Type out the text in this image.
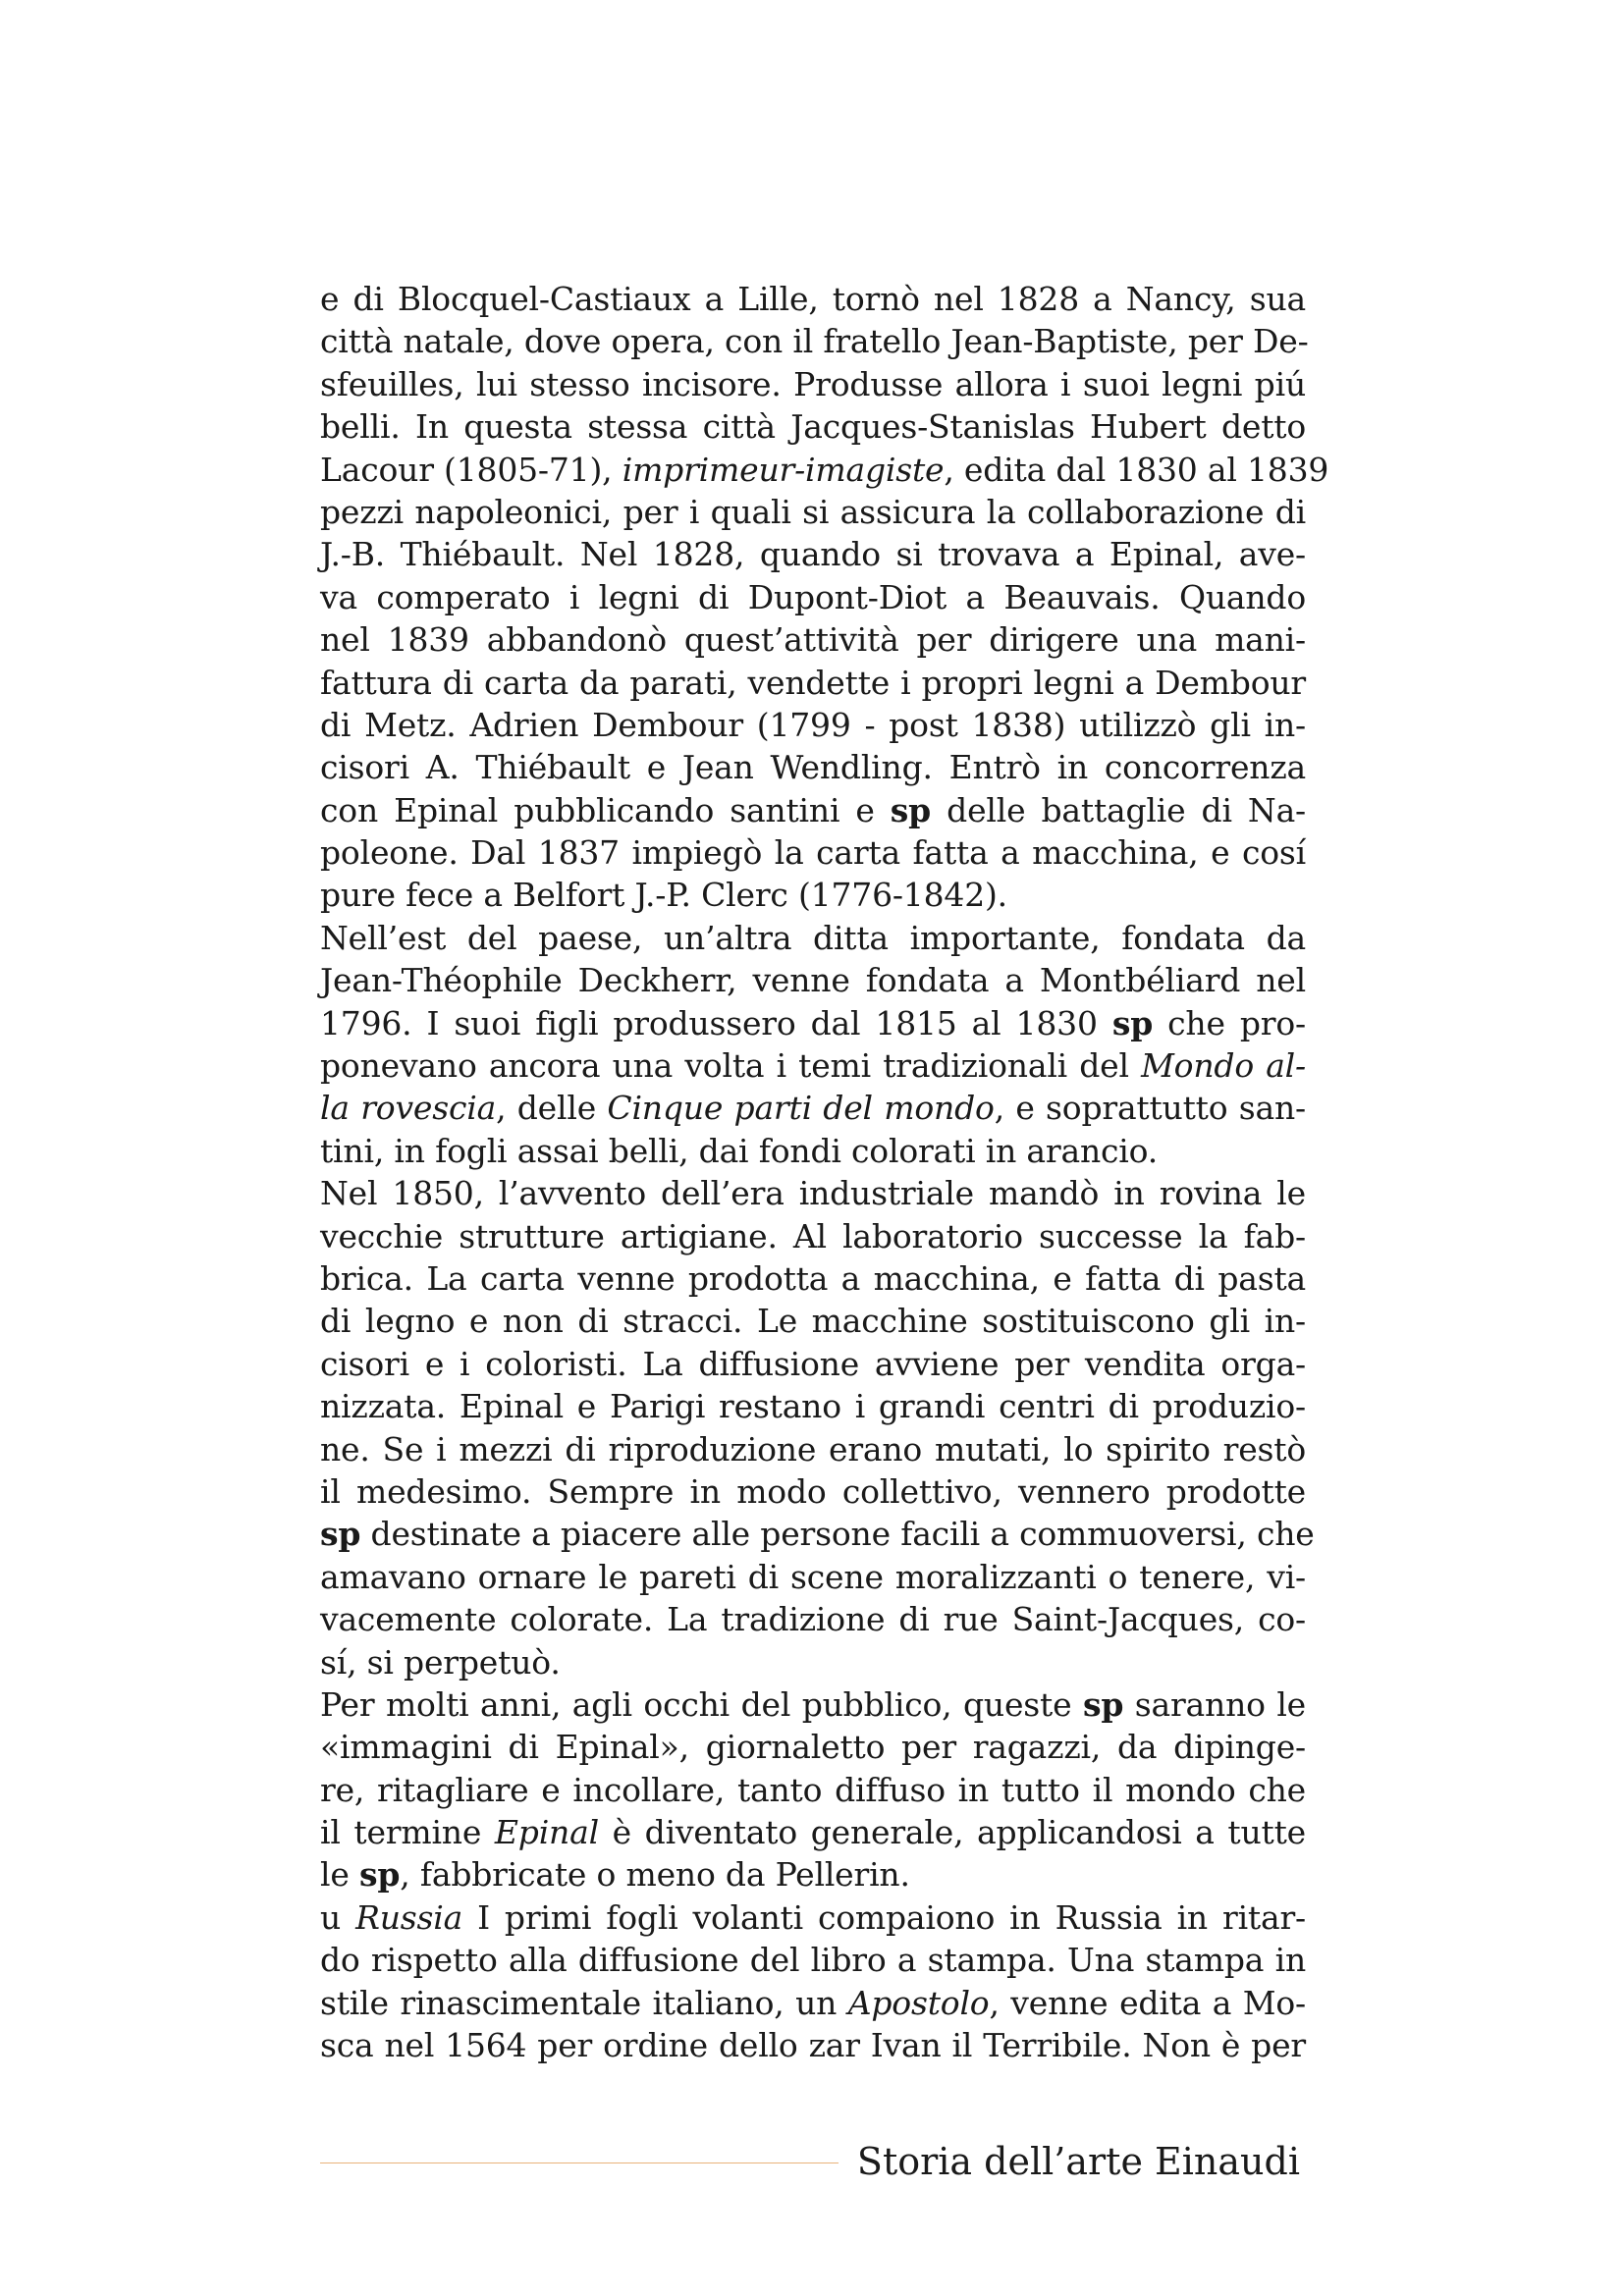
e di Blocquel-Castiaux a Lille, tornò nel 1828 a Nancy, sua
città natale, dove opera, con il fratello Jean-Baptiste, per De-
sfeuilles, lui stesso incisore. Produsse allora i suoi legni piú
belli. In questa stessa città Jacques-Stanislas Hubert detto
Lacour (1805-71), imprimeur-imagiste, edita dal 1830 al 1839
pezzi napoleonici, per i quali si assicura la collaborazione di
J.-B. Thiébault. Nel 1828, quando si trovava a Epinal, ave-
va comperato i legni di Dupont-Diot a Beauvais. Quando
nel 1839 abbandonò quest’attività per dirigere una mani-
fattura di carta da parati, vendette i propri legni a Dembour
di Metz. Adrien Dembour (1799 - post 1838) utilizzò gli in-
cisori A. Thiébault e Jean Wendling. Entrò in concorrenza
con Epinal pubblicando santini e sp delle battaglie di Na-
poleone. Dal 1837 impiegò la carta fatta a macchina, e cosí
pure fece a Belfort J.-P. Clerc (1776-1842).
Nell’est del paese, un’altra ditta importante, fondata da
Jean-Théophile Deckherr, venne fondata a Montbéliard nel
1796. I suoi figli produssero dal 1815 al 1830 sp che pro-
ponevano ancora una volta i temi tradizionali del Mondo al-
la rovescia, delle Cinque parti del mondo, e soprattutto san-
tini, in fogli assai belli, dai fondi colorati in arancio.
Nel 1850, l’avvento dell’era industriale mandò in rovina le
vecchie strutture artigiane. Al laboratorio successe la fab-
brica. La carta venne prodotta a macchina, e fatta di pasta
di legno e non di stracci. Le macchine sostituiscono gli in-
cisori e i coloristi. La diffusione avviene per vendita orga-
nizzata. Epinal e Parigi restano i grandi centri di produzio-
ne. Se i mezzi di riproduzione erano mutati, lo spirito restò
il medesimo. Sempre in modo collettivo, vennero prodotte
sp destinate a piacere alle persone facili a commuoversi, che
amavano ornare le pareti di scene moralizzanti o tenere, vi-
vacemente colorate. La tradizione di rue Saint-Jacques, co-
sí, si perpetuò.
Per molti anni, agli occhi del pubblico, queste sp saranno le
«immagini di Epinal», giornaletto per ragazzi, da dipinge-
re, ritagliare e incollare, tanto diffuso in tutto il mondo che
il termine Epinal è diventato generale, applicandosi a tutte
le sp, fabbricate o meno da Pellerin.
u Russia I primi fogli volanti compaiono in Russia in ritar-
do rispetto alla diffusione del libro a stampa. Una stampa in
stile rinascimentale italiano, un Apostolo, venne edita a Mo-
sca nel 1564 per ordine dello zar Ivan il Terribile. Non è per
Storia dell’arte Einaudi
